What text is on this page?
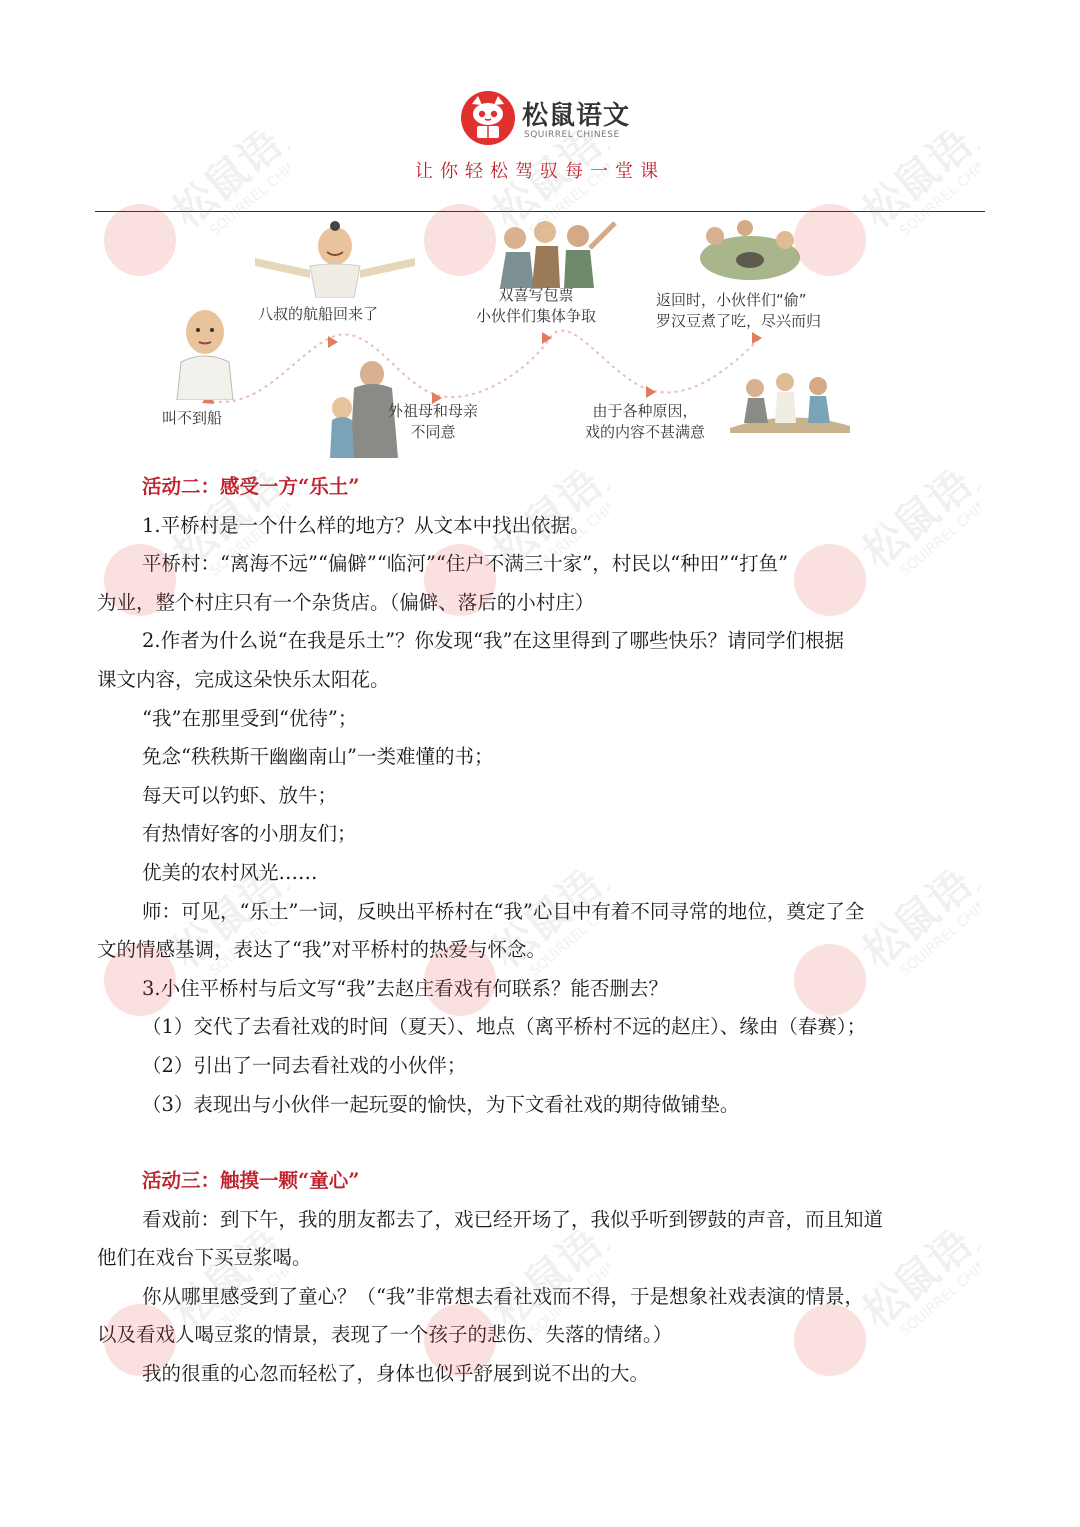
松鼠语文
SQUIRREL CHINESE
让你轻松驾驭每一堂课
叫不到船
八叔的航船回来了
外祖母和母亲
不同意
双喜写包票
小伙伴们集体争取
由于各种原因，
戏的内容不甚满意
返回时，小伙伴们“偷”
罗汉豆煮了吃，尽兴而归
活动二：感受一方“乐土”
1.平桥村是一个什么样的地方？从文本中找出依据。
平桥村：“离海不远”“偏僻”“临河”“住户不满三十家”，村民以“种田”“打鱼”
为业，整个村庄只有一个杂货店。（偏僻、落后的小村庄）
2.作者为什么说“在我是乐土”？你发现“我”在这里得到了哪些快乐？请同学们根据
课文内容，完成这朵快乐太阳花。
“我”在那里受到“优待”；
免念“秩秩斯干幽幽南山”一类难懂的书；
每天可以钓虾、放牛；
有热情好客的小朋友们；
优美的农村风光……
师：可见，“乐土”一词，反映出平桥村在“我”心目中有着不同寻常的地位，奠定了全
文的情感基调，表达了“我”对平桥村的热爱与怀念。
3.小住平桥村与后文写“我”去赵庄看戏有何联系？能否删去？
（1）交代了去看社戏的时间（夏天）、地点（离平桥村不远的赵庄）、缘由（春赛）；
（2）引出了一同去看社戏的小伙伴；
（3）表现出与小伙伴一起玩耍的愉快，为下文看社戏的期待做铺垫。
活动三：触摸一颗“童心”
看戏前：到下午，我的朋友都去了，戏已经开场了，我似乎听到锣鼓的声音，而且知道
他们在戏台下买豆浆喝。
你从哪里感受到了童心？（“我”非常想去看社戏而不得，于是想象社戏表演的情景，
以及看戏人喝豆浆的情景，表现了一个孩子的悲伤、失落的情绪。）
我的很重的心忽而轻松了，身体也似乎舒展到说不出的大。
松鼠语文
SQUIRREL CHINESE	松鼠语文
SQUIRREL CHINESE	松鼠语文
SQUIRREL CHINESE
松鼠语文
SQUIRREL CHINESE	松鼠语文
SQUIRREL CHINESE	松鼠语文
SQUIRREL CHINESE
松鼠语文
SQUIRREL CHINESE	松鼠语文
SQUIRREL CHINESE	松鼠语文
SQUIRREL CHINESE
松鼠语文
SQUIRREL CHINESE	松鼠语文
SQUIRREL CHINESE	松鼠语文
SQUIRREL CHINESE
